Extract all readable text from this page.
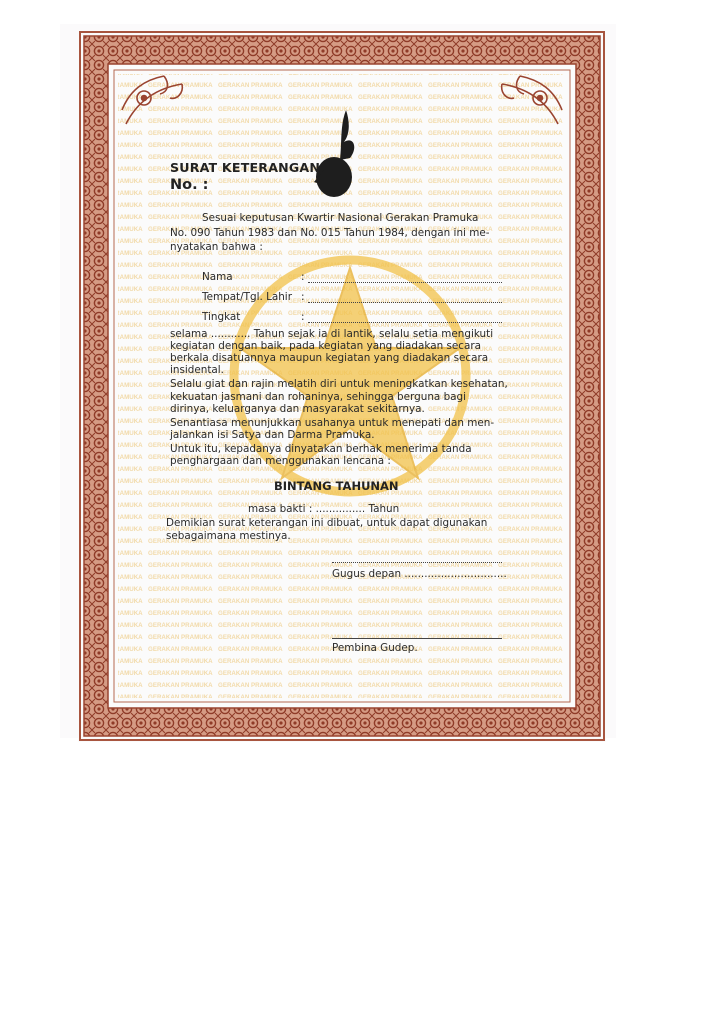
SURAT KETERANGAN
No. :
Sesuai keputusan Kwartir Nasional Gerakan Pramuka
No. 090 Tahun 1983 dan No. 015 Tahun 1984, dengan ini me-
nyatakan bahwa :
Nama	:
Tempat/Tgl. Lahir :
Tingkat	:
selama ............ Tahun sejak ia di lantik, selalu setia mengikuti
kegiatan dengan baik, pada kegiatan yang diadakan secara
berkala disatuannya maupun kegiatan yang diadakan secara
insidental.
Selalu giat dan rajin melatih diri untuk meningkatkan kesehatan,
kekuatan jasmani dan rohaninya, sehingga berguna bagi
dirinya, keluarganya dan masyarakat sekitarnya.
Senantiasa menunjukkan usahanya untuk menepati dan men-
jalankan isi Satya dan Darma Pramuka.
Untuk itu, kepadanya dinyatakan berhak menerima tanda
penghargaan dan menggunakan lencana :
BINTANG TAHUNAN
masa bakti : ............... Tahun
Demikian surat keterangan ini dibuat, untuk dapat digunakan
sebagaimana mestinya.
Gugus depan ...............................
Pembina Gudep.
